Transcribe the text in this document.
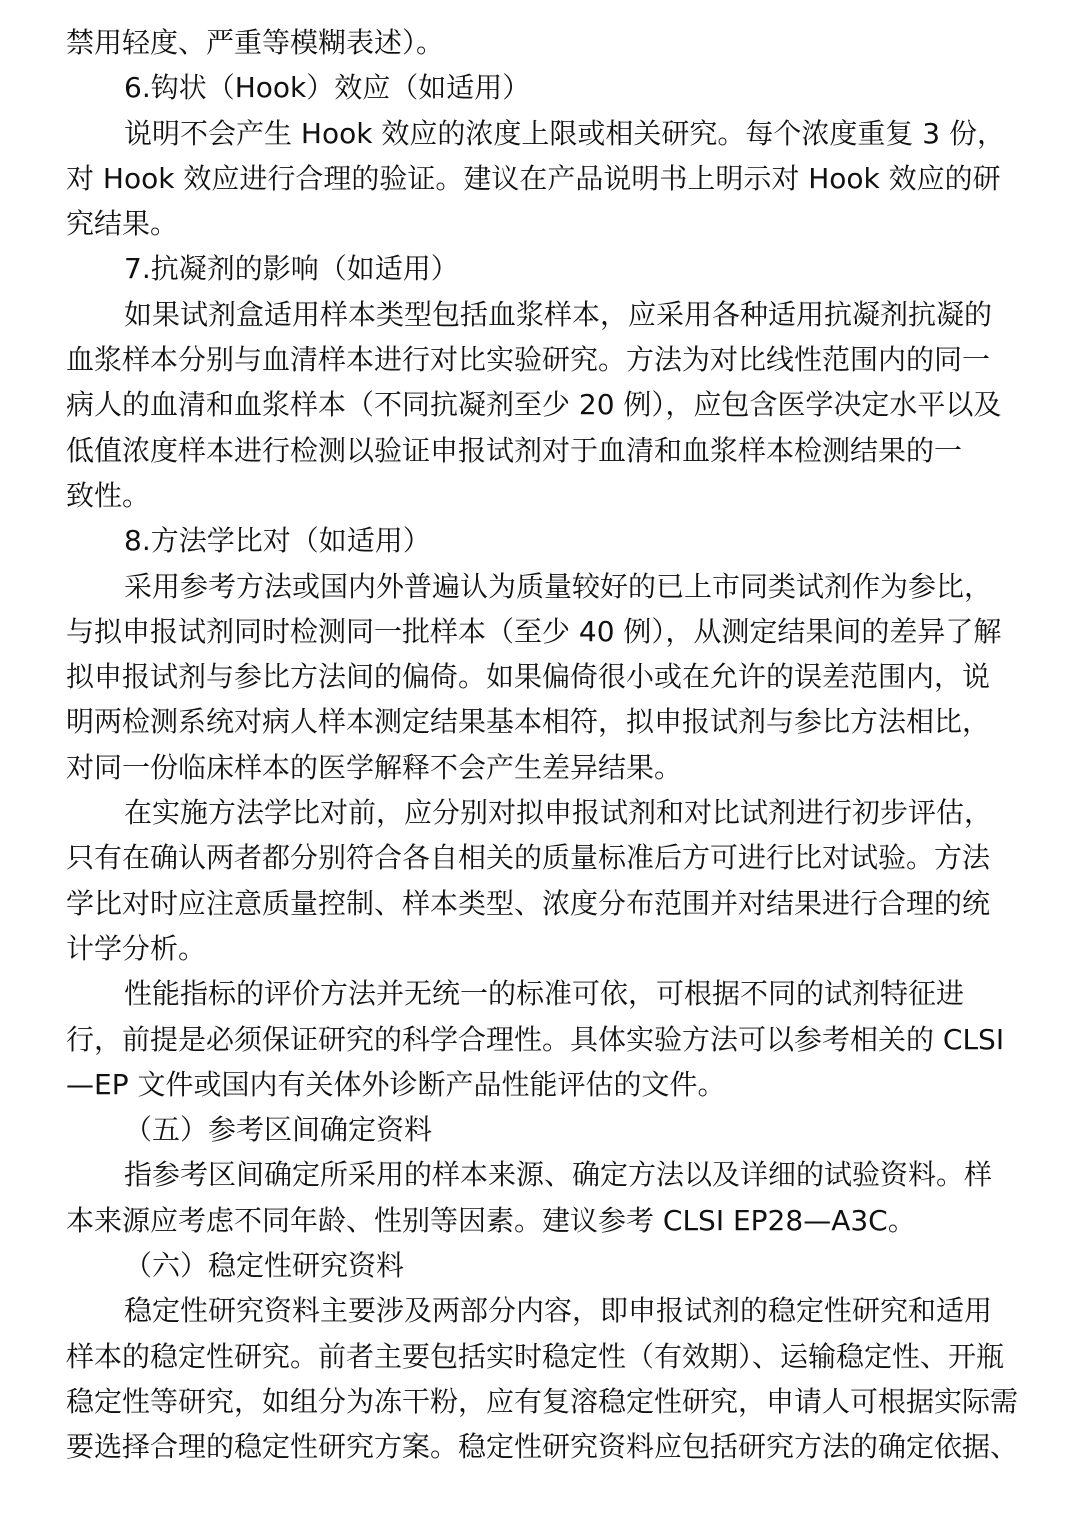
禁用轻度、严重等模糊表述）。
6.钩状（Hook）效应（如适用）
说明不会产生 Hook 效应的浓度上限或相关研究。每个浓度重复 3 份，
对 Hook 效应进行合理的验证。建议在产品说明书上明示对 Hook 效应的研
究结果。
7.抗凝剂的影响（如适用）
如果试剂盒适用样本类型包括血浆样本，应采用各种适用抗凝剂抗凝的
血浆样本分别与血清样本进行对比实验研究。方法为对比线性范围内的同一
病人的血清和血浆样本（不同抗凝剂至少 20 例），应包含医学决定水平以及
低值浓度样本进行检测以验证申报试剂对于血清和血浆样本检测结果的一
致性。
8.方法学比对（如适用）
采用参考方法或国内外普遍认为质量较好的已上市同类试剂作为参比，
与拟申报试剂同时检测同一批样本（至少 40 例），从测定结果间的差异了解
拟申报试剂与参比方法间的偏倚。如果偏倚很小或在允许的误差范围内，说
明两检测系统对病人样本测定结果基本相符，拟申报试剂与参比方法相比，
对同一份临床样本的医学解释不会产生差异结果。
在实施方法学比对前，应分别对拟申报试剂和对比试剂进行初步评估，
只有在确认两者都分别符合各自相关的质量标准后方可进行比对试验。方法
学比对时应注意质量控制、样本类型、浓度分布范围并对结果进行合理的统
计学分析。
性能指标的评价方法并无统一的标准可依，可根据不同的试剂特征进
行，前提是必须保证研究的科学合理性。具体实验方法可以参考相关的 CLSI
—EP 文件或国内有关体外诊断产品性能评估的文件。
（五）参考区间确定资料
指参考区间确定所采用的样本来源、确定方法以及详细的试验资料。样
本来源应考虑不同年龄、性别等因素。建议参考 CLSI EP28—A3C。
（六）稳定性研究资料
稳定性研究资料主要涉及两部分内容，即申报试剂的稳定性研究和适用
样本的稳定性研究。前者主要包括实时稳定性（有效期）、运输稳定性、开瓶
稳定性等研究，如组分为冻干粉，应有复溶稳定性研究，申请人可根据实际需
要选择合理的稳定性研究方案。稳定性研究资料应包括研究方法的确定依据、
